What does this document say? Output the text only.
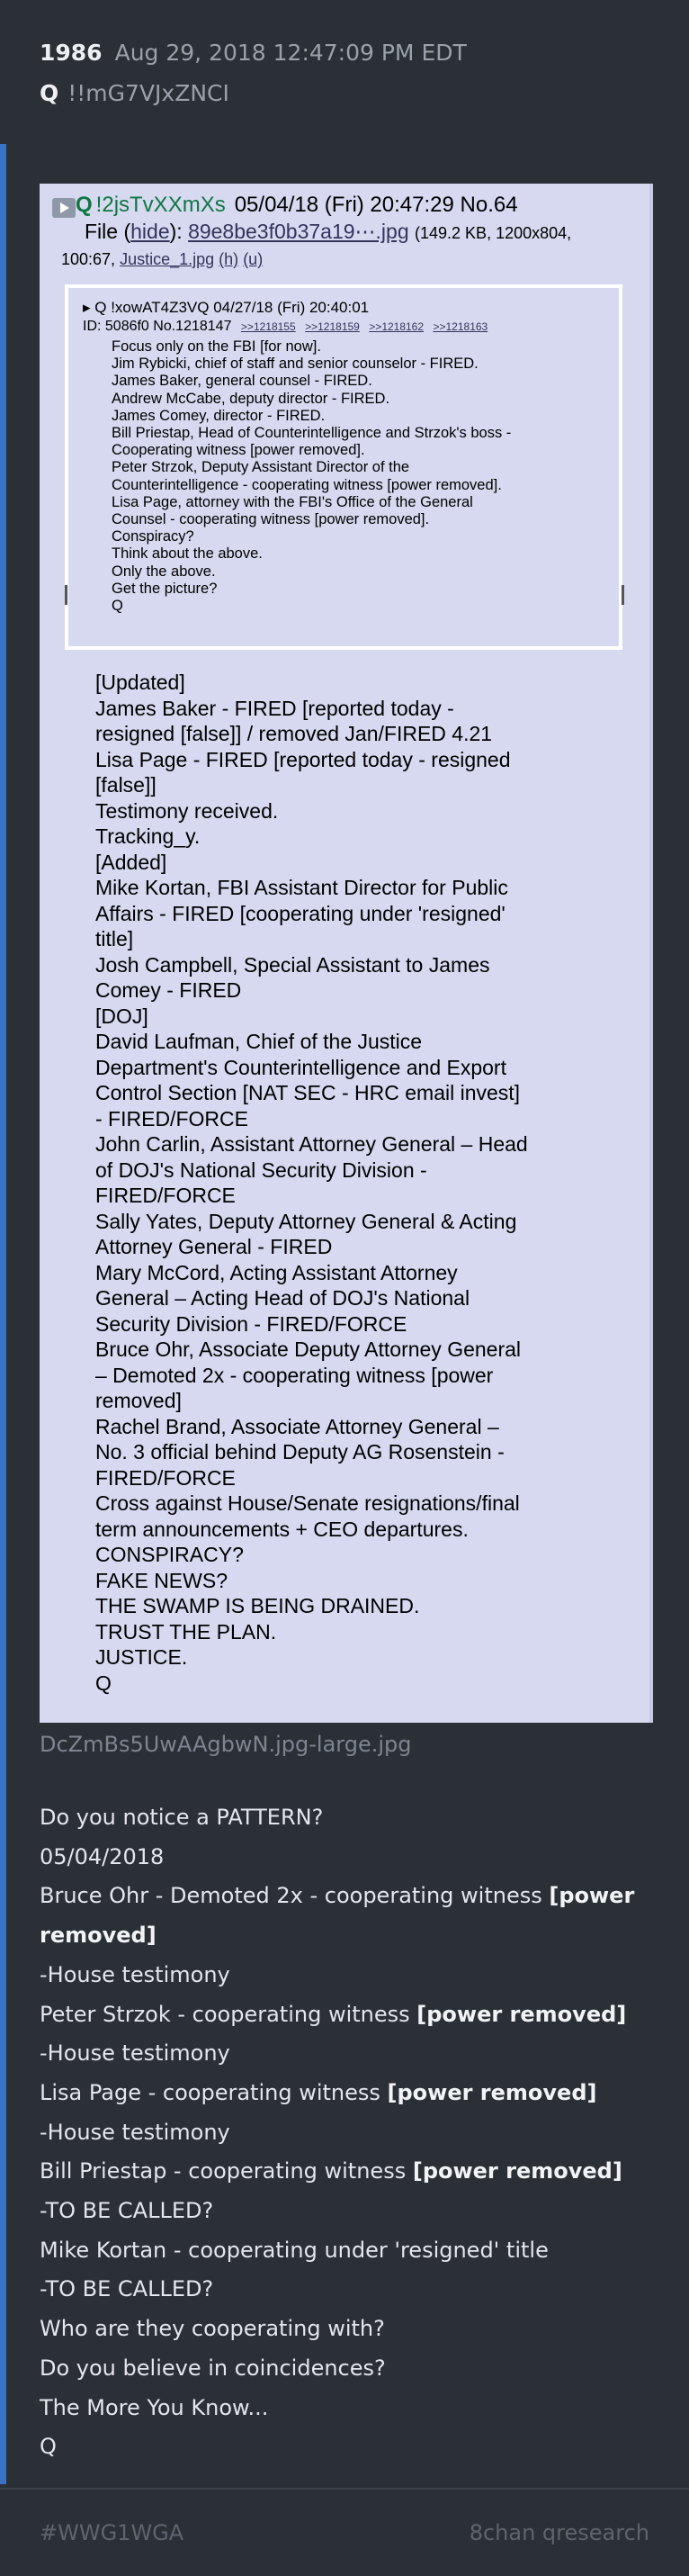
1986 Aug 29, 2018 12:47:09 PM EDT
Q !!mG7VJxZNCI
Q !2jsTvXXmXs 05/04/18 (Fri) 20:47:29 No.64
File (hide): 89e8be3f0b37a19⋯.jpg (149.2 KB, 1200x804,
100:67, Justice_1.jpg (h) (u)
▸ Q !xowAT4Z3VQ 04/27/18 (Fri) 20:40:01
ID: 5086f0 No.1218147 >>1218155 >>1218159 >>1218162 >>1218163
Focus only on the FBI [for now].
Jim Rybicki, chief of staff and senior counselor - FIRED.
James Baker, general counsel - FIRED.
Andrew McCabe, deputy director - FIRED.
James Comey, director - FIRED.
Bill Priestap, Head of Counterintelligence and Strzok's boss -
Cooperating witness [power removed].
Peter Strzok, Deputy Assistant Director of the
Counterintelligence - cooperating witness [power removed].
Lisa Page, attorney with the FBI's Office of the General
Counsel - cooperating witness [power removed].
Conspiracy?
Think about the above.
Only the above.
Get the picture?
Q
[Updated]
James Baker - FIRED [reported today -
resigned [false]] / removed Jan/FIRED 4.21
Lisa Page - FIRED [reported today - resigned
[false]]
Testimony received.
Tracking_y.
[Added]
Mike Kortan, FBI Assistant Director for Public
Affairs - FIRED [cooperating under 'resigned'
title]
Josh Campbell, Special Assistant to James
Comey - FIRED
[DOJ]
David Laufman, Chief of the Justice
Department's Counterintelligence and Export
Control Section [NAT SEC - HRC email invest]
- FIRED/FORCE
John Carlin, Assistant Attorney General – Head
of DOJ's National Security Division -
FIRED/FORCE
Sally Yates, Deputy Attorney General & Acting
Attorney General - FIRED
Mary McCord, Acting Assistant Attorney
General – Acting Head of DOJ's National
Security Division - FIRED/FORCE
Bruce Ohr, Associate Deputy Attorney General
– Demoted 2x - cooperating witness [power
removed]
Rachel Brand, Associate Attorney General –
No. 3 official behind Deputy AG Rosenstein -
FIRED/FORCE
Cross against House/Senate resignations/final
term announcements + CEO departures.
CONSPIRACY?
FAKE NEWS?
THE SWAMP IS BEING DRAINED.
TRUST THE PLAN.
JUSTICE.
Q
DcZmBs5UwAAgbwN.jpg-large.jpg
Do you notice a PATTERN?
05/04/2018
Bruce Ohr - Demoted 2x - cooperating witness [power
removed]
-House testimony
Peter Strzok - cooperating witness [power removed]
-House testimony
Lisa Page - cooperating witness [power removed]
-House testimony
Bill Priestap - cooperating witness [power removed]
-TO BE CALLED?
Mike Kortan - cooperating under 'resigned' title
-TO BE CALLED?
Who are they cooperating with?
Do you believe in coincidences?
The More You Know...
Q
#WWG1WGA	8chan qresearch
